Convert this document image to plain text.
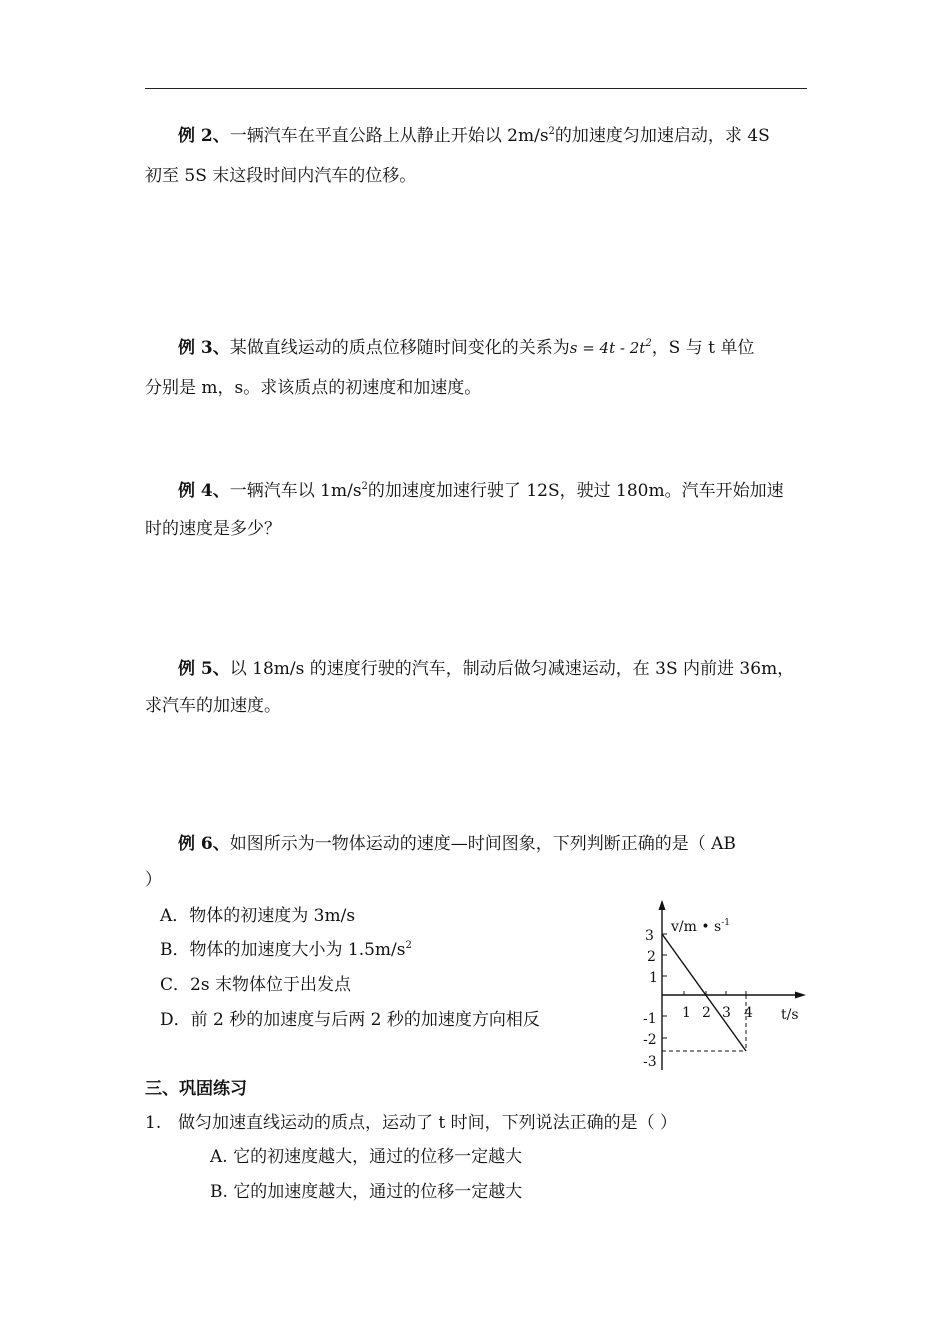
例 2、一辆汽车在平直公路上从静止开始以 $2m/s^2$的加速度匀加速启动，求 4S
初至 5S 末这段时间内汽车的位移。
例 3、某做直线运动的质点位移随时间变化的关系为$s = 4t - 2t^2$，S 与 t 单位
分别是 m，s。求该质点的初速度和加速度。
例 4、一辆汽车以 $1m/s^2$的加速度加速行驶了 12S，驶过 180m。汽车开始加速
时的速度是多少？
例 5、以 18m/s 的速度行驶的汽车，制动后做匀减速运动，在 3S 内前进 36m，
求汽车的加速度。
例 6、如图所示为一物体运动的速度—时间图象，下列判断正确的是（ AB
）
A．物体的初速度为 3m/s
B．物体的加速度大小为 $1.5m/s^2$
C．2s 末物体位于出发点
D．前 2 秒的加速度与后两 2 秒的加速度方向相反
v/m • $s^{-1}$
t/s
3
2
1
-1
-2
-3
1 2 3 4
三、巩固练习
1. 做匀加速直线运动的质点，运动了 t 时间，下列说法正确的是（ ）
A. 它的初速度越大，通过的位移一定越大
B. 它的加速度越大，通过的位移一定越大
